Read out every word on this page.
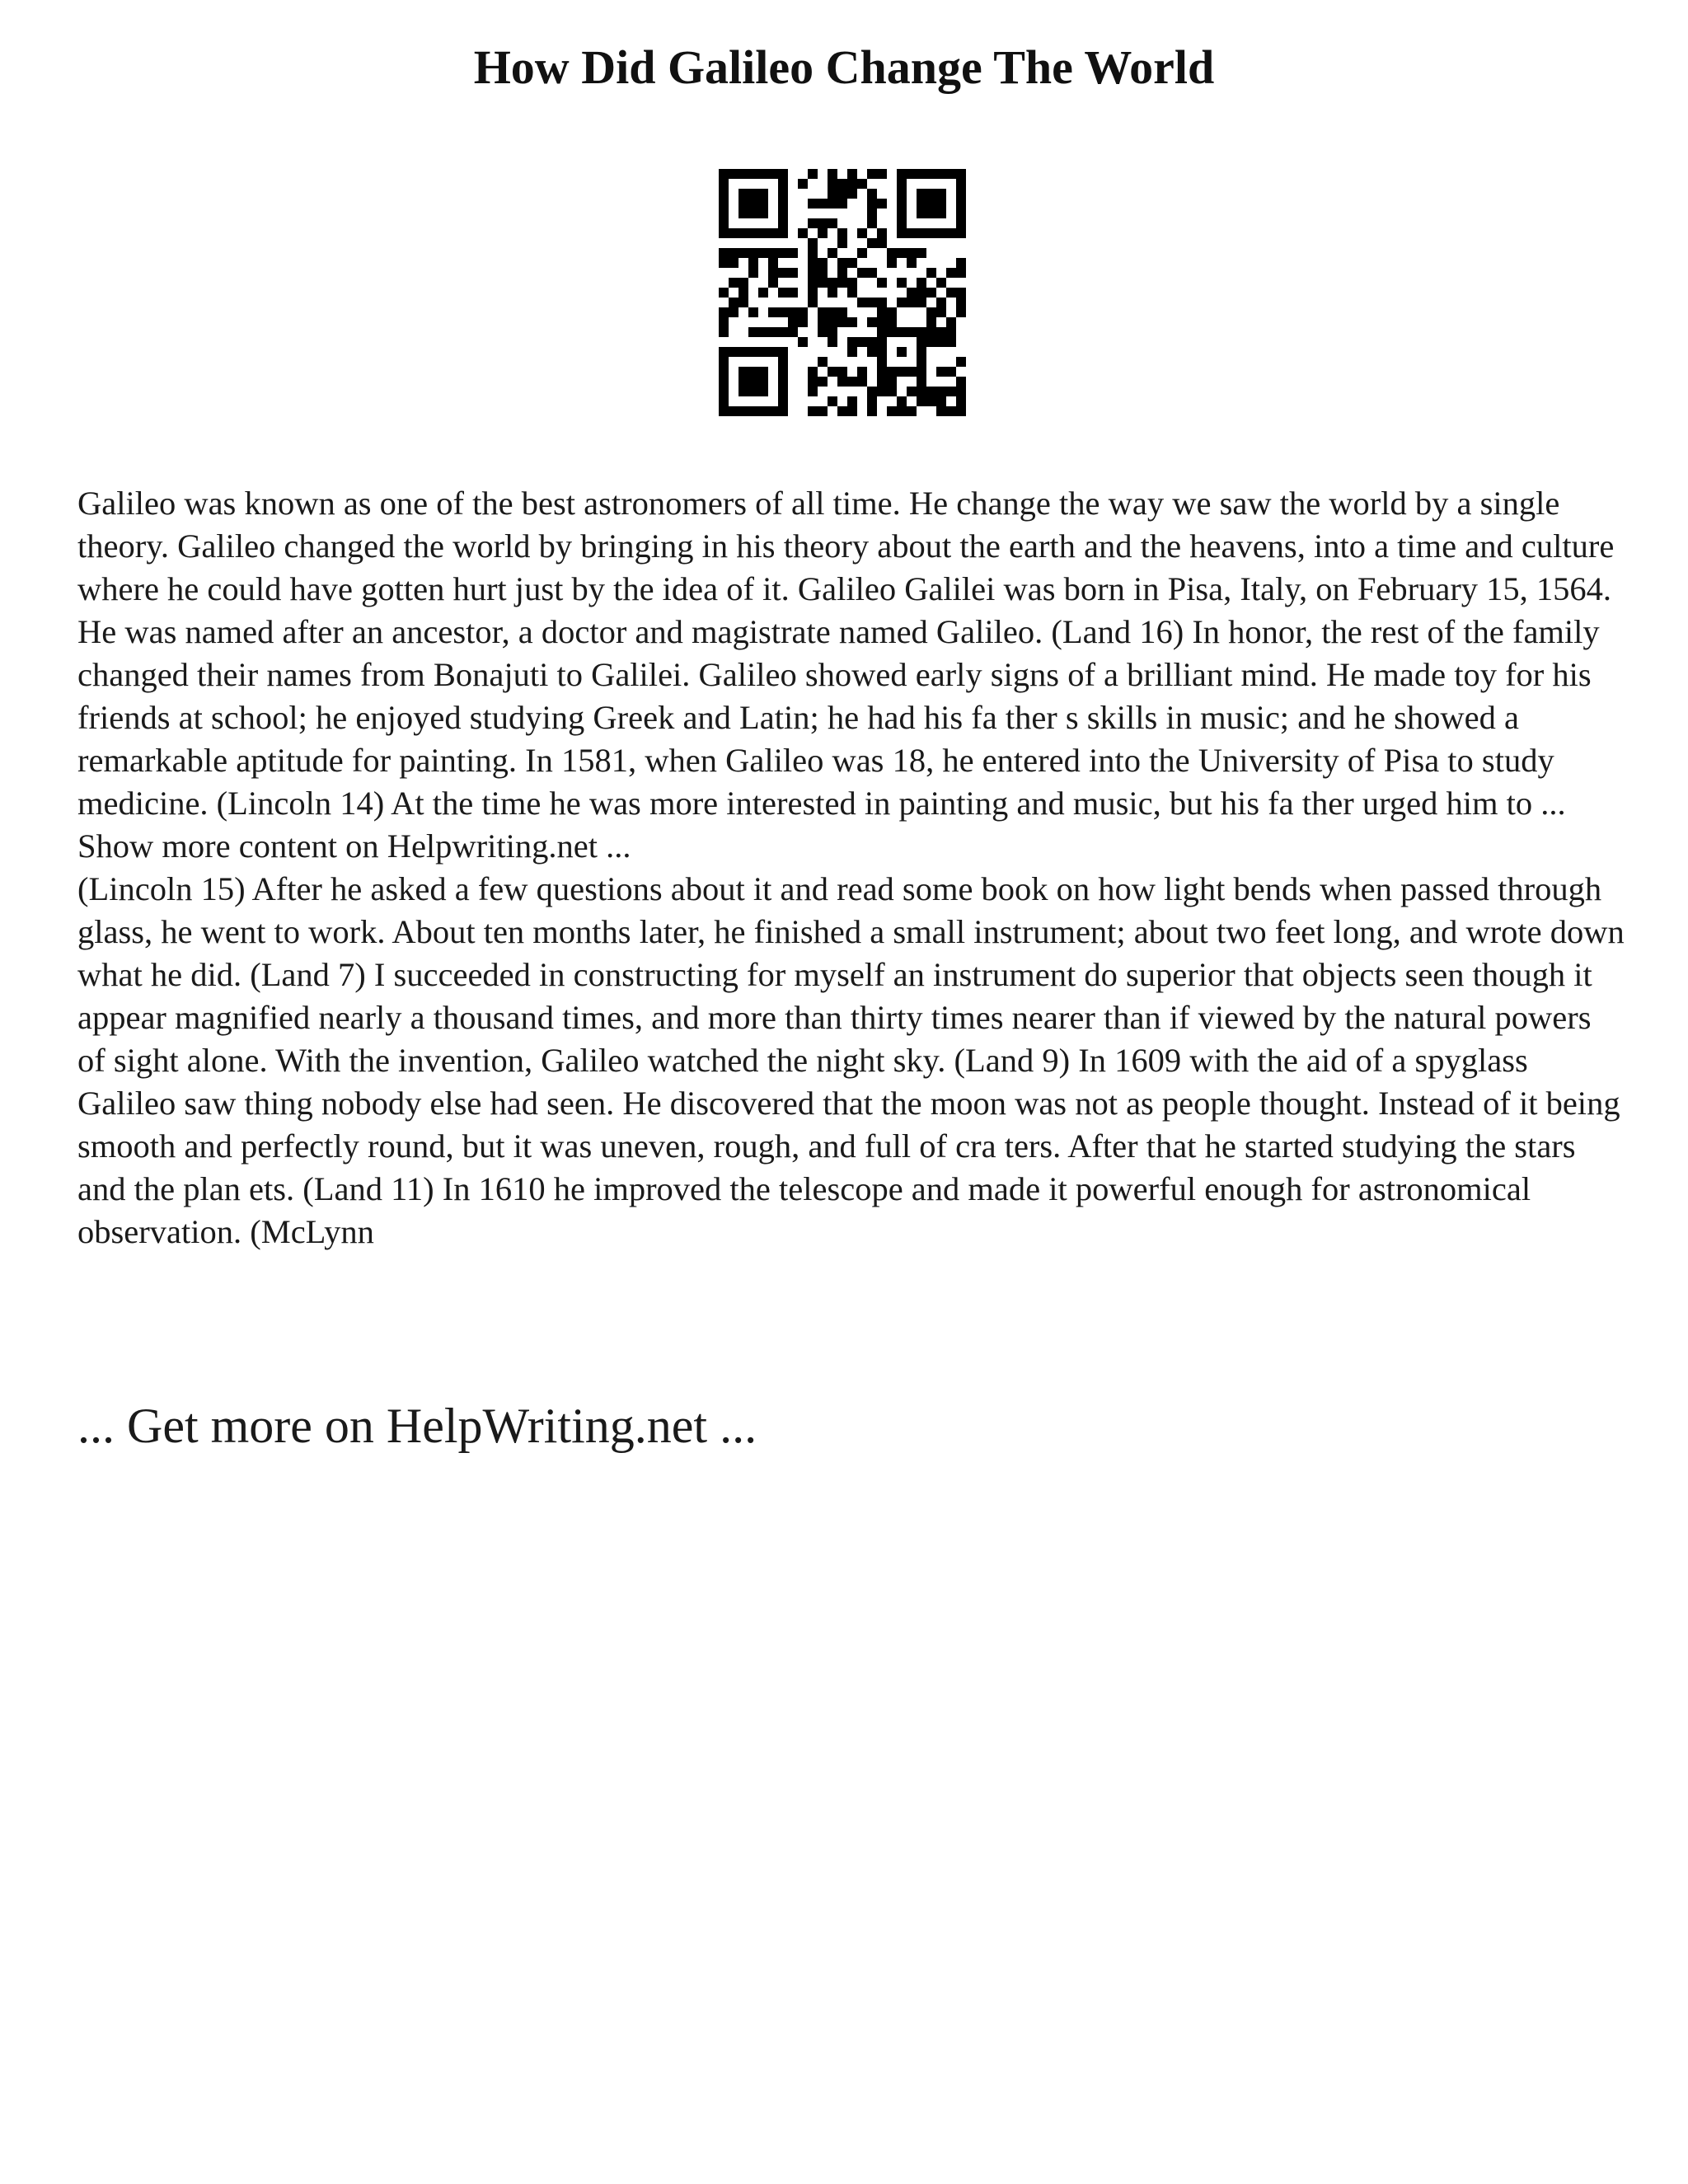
How Did Galileo Change The World

Galileo was known as one of the best astronomers of all time. He change the way we saw the world by a single theory. Galileo changed the world by bringing in his theory about the earth and the heavens, into a time and culture where he could have gotten hurt just by the idea of it. Galileo Galilei was born in Pisa, Italy, on February 15, 1564. He was named after an ancestor, a doctor and magistrate named Galileo. (Land 16) In honor, the rest of the family changed their names from Bonajuti to Galilei. Galileo showed early signs of a brilliant mind. He made toy for his friends at school; he enjoyed studying Greek and Latin; he had his fa ther s skills in music; and he showed a remarkable aptitude for painting. In 1581, when Galileo was 18, he entered into the University of Pisa to study medicine. (Lincoln 14) At the time he was more interested in painting and music, but his fa ther urged him to ...

Show more content on Helpwriting.net ...

(Lincoln 15) After he asked a few questions about it and read some book on how light bends when passed through glass, he went to work. About ten months later, he finished a small instrument; about two feet long, and wrote down what he did. (Land 7) I succeeded in constructing for myself an instrument do superior that objects seen though it appear magnified nearly a thousand times, and more than thirty times nearer than if viewed by the natural powers of sight alone. With the invention, Galileo watched the night sky. (Land 9) In 1609 with the aid of a spyglass Galileo saw thing nobody else had seen. He discovered that the moon was not as people thought. Instead of it being smooth and perfectly round, but it was uneven, rough, and full of cra ters. After that he started studying the stars and the plan ets. (Land 11) In 1610 he improved the telescope and made it powerful enough for astronomical observation. (McLynn

... Get more on HelpWriting.net ...
